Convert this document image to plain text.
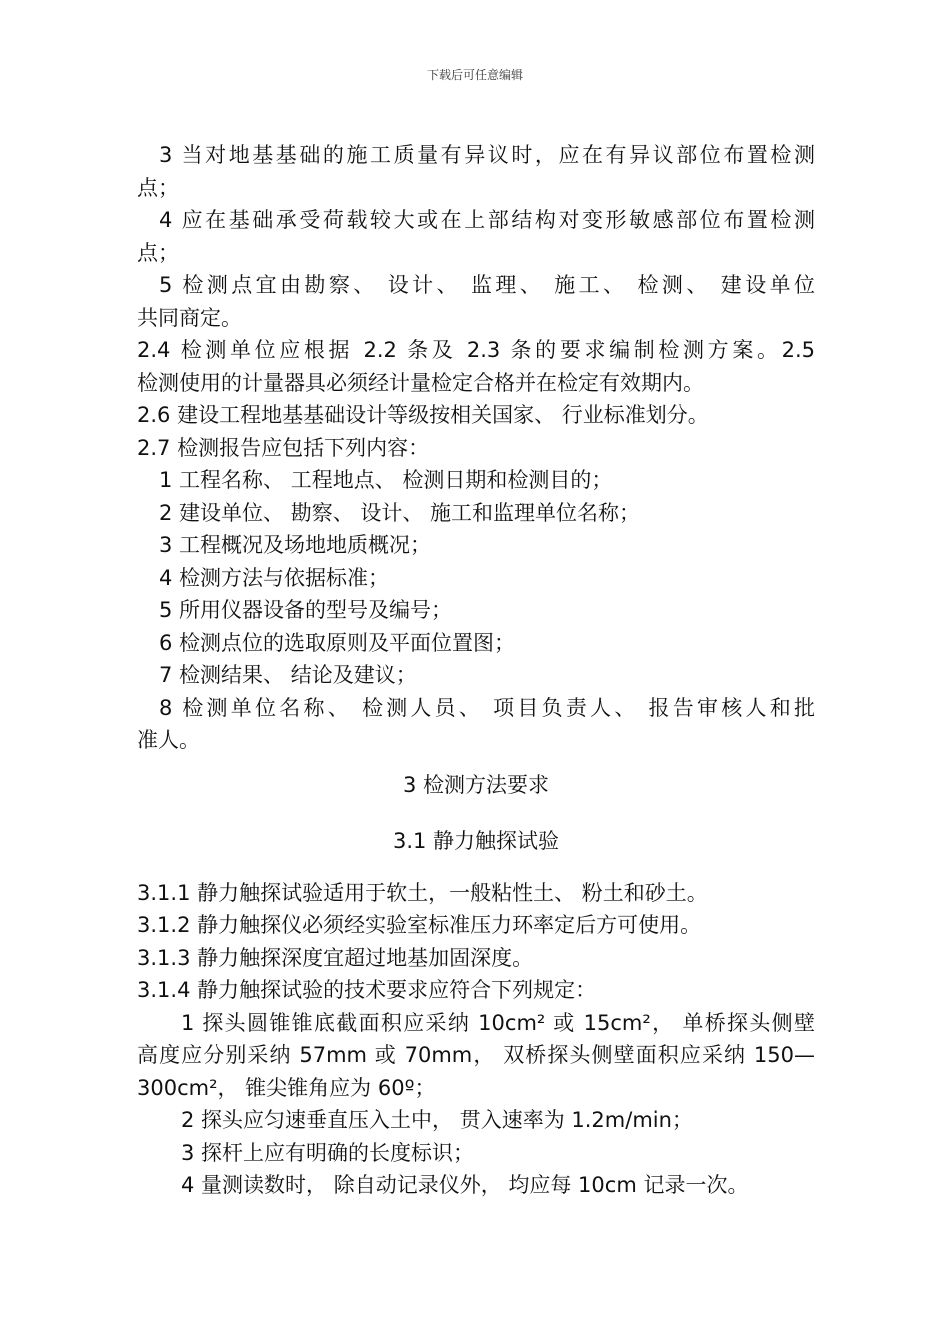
下载后可任意编辑
3 当对地基基础的施工质量有异议时，应在有异议部位布置检测
点；
4 应在基础承受荷载较大或在上部结构对变形敏感部位布置检测
点；
5 检测点宜由勘察、 设计、 监理、 施工、 检测、 建设单位
共同商定。
2.4 检测单位应根据 2.2 条及 2.3 条的要求编制检测方案。2.5
检测使用的计量器具必须经计量检定合格并在检定有效期内。
2.6 建设工程地基基础设计等级按相关国家、 行业标准划分。
2.7 检测报告应包括下列内容：
1 工程名称、 工程地点、 检测日期和检测目的；
2 建设单位、 勘察、 设计、 施工和监理单位名称；
3 工程概况及场地地质概况；
4 检测方法与依据标准；
5 所用仪器设备的型号及编号；
6 检测点位的选取原则及平面位置图；
7 检测结果、 结论及建议；
8 检测单位名称、 检测人员、 项目负责人、 报告审核人和批
准人。
3 检测方法要求
3.1 静力触探试验
3.1.1 静力触探试验适用于软土，一般粘性土、 粉土和砂土。
3.1.2 静力触探仪必须经实验室标准压力环率定后方可使用。
3.1.3 静力触探深度宜超过地基加固深度。
3.1.4 静力触探试验的技术要求应符合下列规定：
1 探头圆锥锥底截面积应采纳 10cm² 或 15cm²， 单桥探头侧壁
高度应分别采纳 57mm 或 70mm， 双桥探头侧壁面积应采纳 150—
300cm²， 锥尖锥角应为 60º；
2 探头应匀速垂直压入土中， 贯入速率为 1.2m/min；
3 探杆上应有明确的长度标识；
4 量测读数时， 除自动记录仪外， 均应每 10cm 记录一次。
